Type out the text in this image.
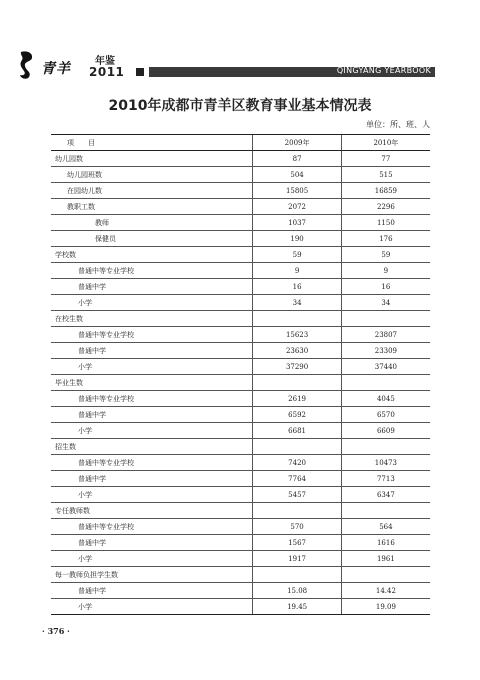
青羊 年鉴
2011	QINGYANG YEARBOOK
2010年成都市青羊区教育事业基本情况表
单位：所、班、人
项　　目	2009年	2010年
幼儿园数	87	77
幼儿园班数	504	515
在园幼儿数	15805	16859
教职工数	2072	2296
教师	1037	1150
保健员	190	176
学校数	59	59
普通中等专业学校	9	9
普通中学	16	16
小学	34	34
在校生数		
普通中等专业学校	15623	23807
普通中学	23630	23309
小学	37290	37440
毕业生数		
普通中等专业学校	2619	4045
普通中学	6592	6570
小学	6681	6609
招生数		
普通中等专业学校	7420	10473
普通中学	7764	7713
小学	5457	6347
专任教师数		
普通中等专业学校	570	564
普通中学	1567	1616
小学	1917	1961
每一教师负担学生数		
普通中学	15.08	14.42
小学	19.45	19.09
· 376 ·
